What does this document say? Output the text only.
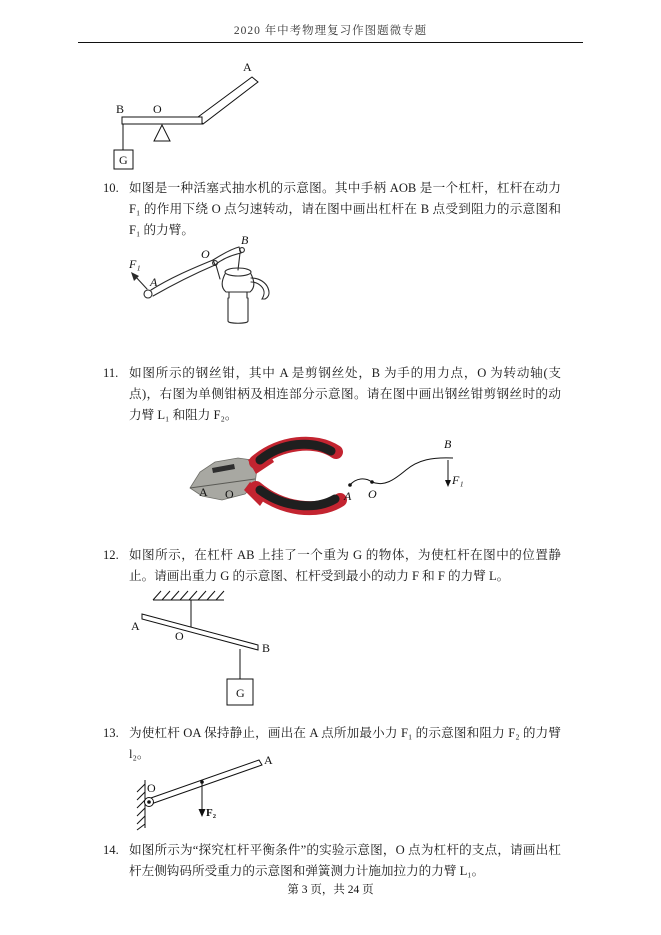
2020 年中考物理复习作图题微专题
A
B O
G
10. 如图是一种活塞式抽水机的示意图。其中手柄 AOB 是一个杠杆，杠杆在动力 F₁ 的作用下绕 O 点匀速转动，请在图中画出杠杆在 B 点受到阻力的示意图和 F₁ 的力臂。
F₁
A
O
B
11. 如图所示的钢丝钳，其中 A 是剪钢丝处，B 为手的用力点，O 为转动轴(支点)，右图为单侧钳柄及相连部分示意图。请在图中画出钢丝钳剪钢丝时的动力臂 L₁ 和阻力 F₂。
B
A O	A O
B
F₁
12. 如图所示，在杠杆 AB 上挂了一个重为 G 的物体，为使杠杆在图中的位置静止。请画出重力 G 的示意图、杠杆受到最小的动力 F 和 F 的力臂 L。
A
O
B
G
13. 为使杠杆 OA 保持静止，画出在 A 点所加最小力 F₁ 的示意图和阻力 F₂ 的力臂 l₂。
O
A
F₂
14. 如图所示为“探究杠杆平衡条件”的实验示意图，O 点为杠杆的支点，请画出杠杆左侧钩码所受重力的示意图和弹簧测力计施加拉力的力臂 L₁。
第 3 页，共 24 页
